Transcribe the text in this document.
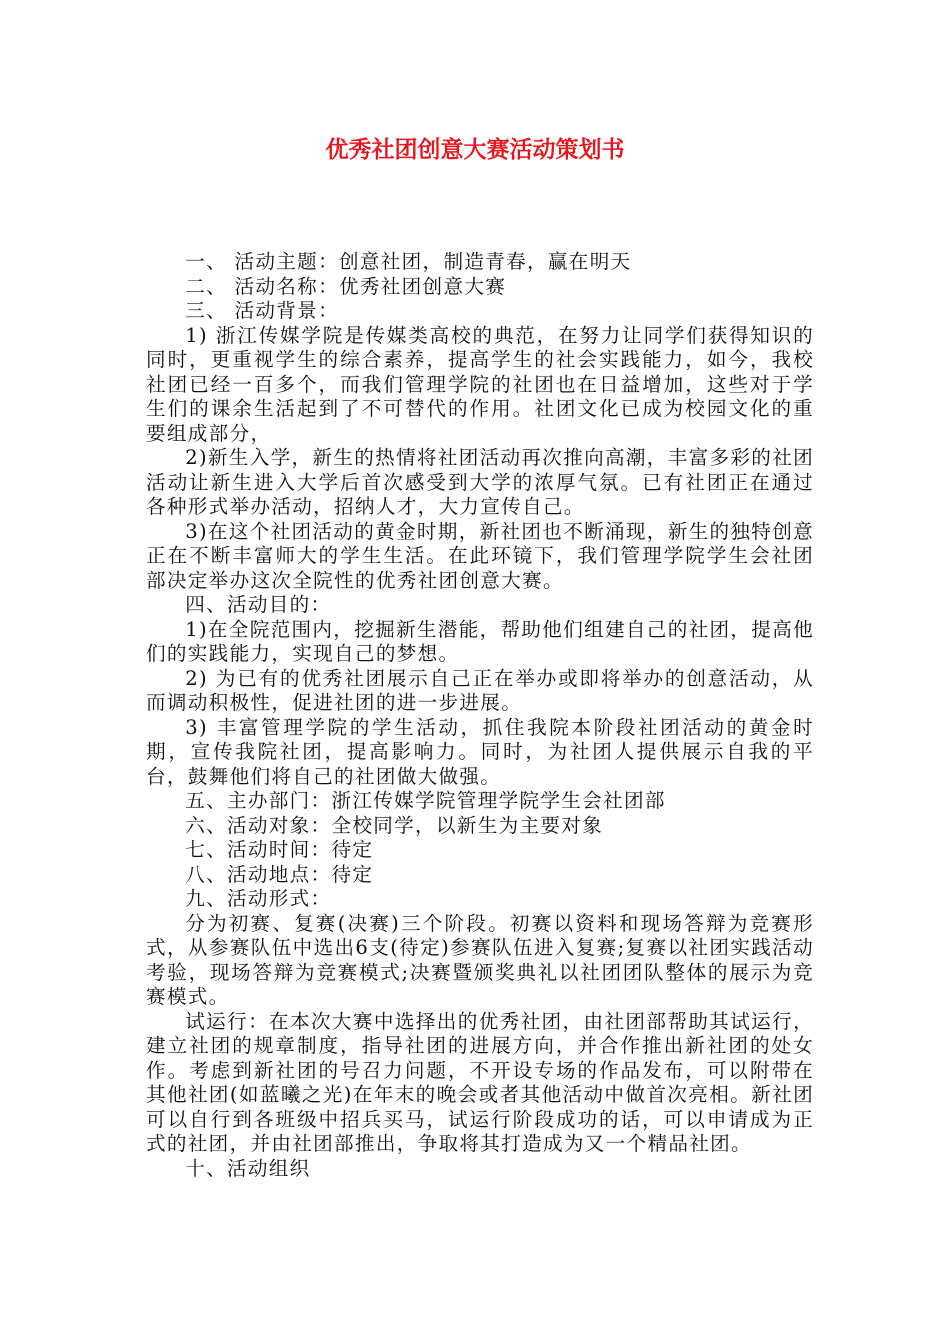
优秀社团创意大赛活动策划书

一、 活动主题：创意社团，制造青春，赢在明天

二、 活动名称：优秀社团创意大赛

三、 活动背景：

1) 浙江传媒学院是传媒类高校的典范，在努力让同学们获得知识的同时，更重视学生的综合素养，提高学生的社会实践能力，如今，我校社团已经一百多个，而我们管理学院的社团也在日益增加，这些对于学生们的课余生活起到了不可替代的作用。社团文化已成为校园文化的重要组成部分，

2)新生入学，新生的热情将社团活动再次推向高潮，丰富多彩的社团活动让新生进入大学后首次感受到大学的浓厚气氛。已有社团正在通过各种形式举办活动，招纳人才，大力宣传自己。

3)在这个社团活动的黄金时期，新社团也不断涌现，新生的独特创意正在不断丰富师大的学生生活。在此环镜下，我们管理学院学生会社团部决定举办这次全院性的优秀社团创意大赛。

四、活动目的：

1)在全院范围内，挖掘新生潜能，帮助他们组建自己的社团，提高他们的实践能力，实现自己的梦想。

2) 为已有的优秀社团展示自己正在举办或即将举办的创意活动，从而调动积极性，促进社团的进一步进展。

3) 丰富管理学院的学生活动，抓住我院本阶段社团活动的黄金时期，宣传我院社团，提高影响力。同时，为社团人提供展示自我的平台，鼓舞他们将自己的社团做大做强。

五、主办部门：浙江传媒学院管理学院学生会社团部

六、活动对象：全校同学，以新生为主要对象

七、活动时间：待定

八、活动地点：待定

九、活动形式：

分为初赛、复赛(决赛)三个阶段。初赛以资料和现场答辩为竞赛形式，从参赛队伍中选出6支(待定)参赛队伍进入复赛;复赛以社团实践活动考验，现场答辩为竞赛模式;决赛暨颁奖典礼以社团团队整体的展示为竞赛模式。

试运行：在本次大赛中选择出的优秀社团，由社团部帮助其试运行，建立社团的规章制度，指导社团的进展方向，并合作推出新社团的处女作。考虑到新社团的号召力问题，不开设专场的作品发布，可以附带在其他社团(如蓝曦之光)在年末的晚会或者其他活动中做首次亮相。新社团可以自行到各班级中招兵买马，试运行阶段成功的话，可以申请成为正式的社团，并由社团部推出，争取将其打造成为又一个精品社团。

十、活动组织
